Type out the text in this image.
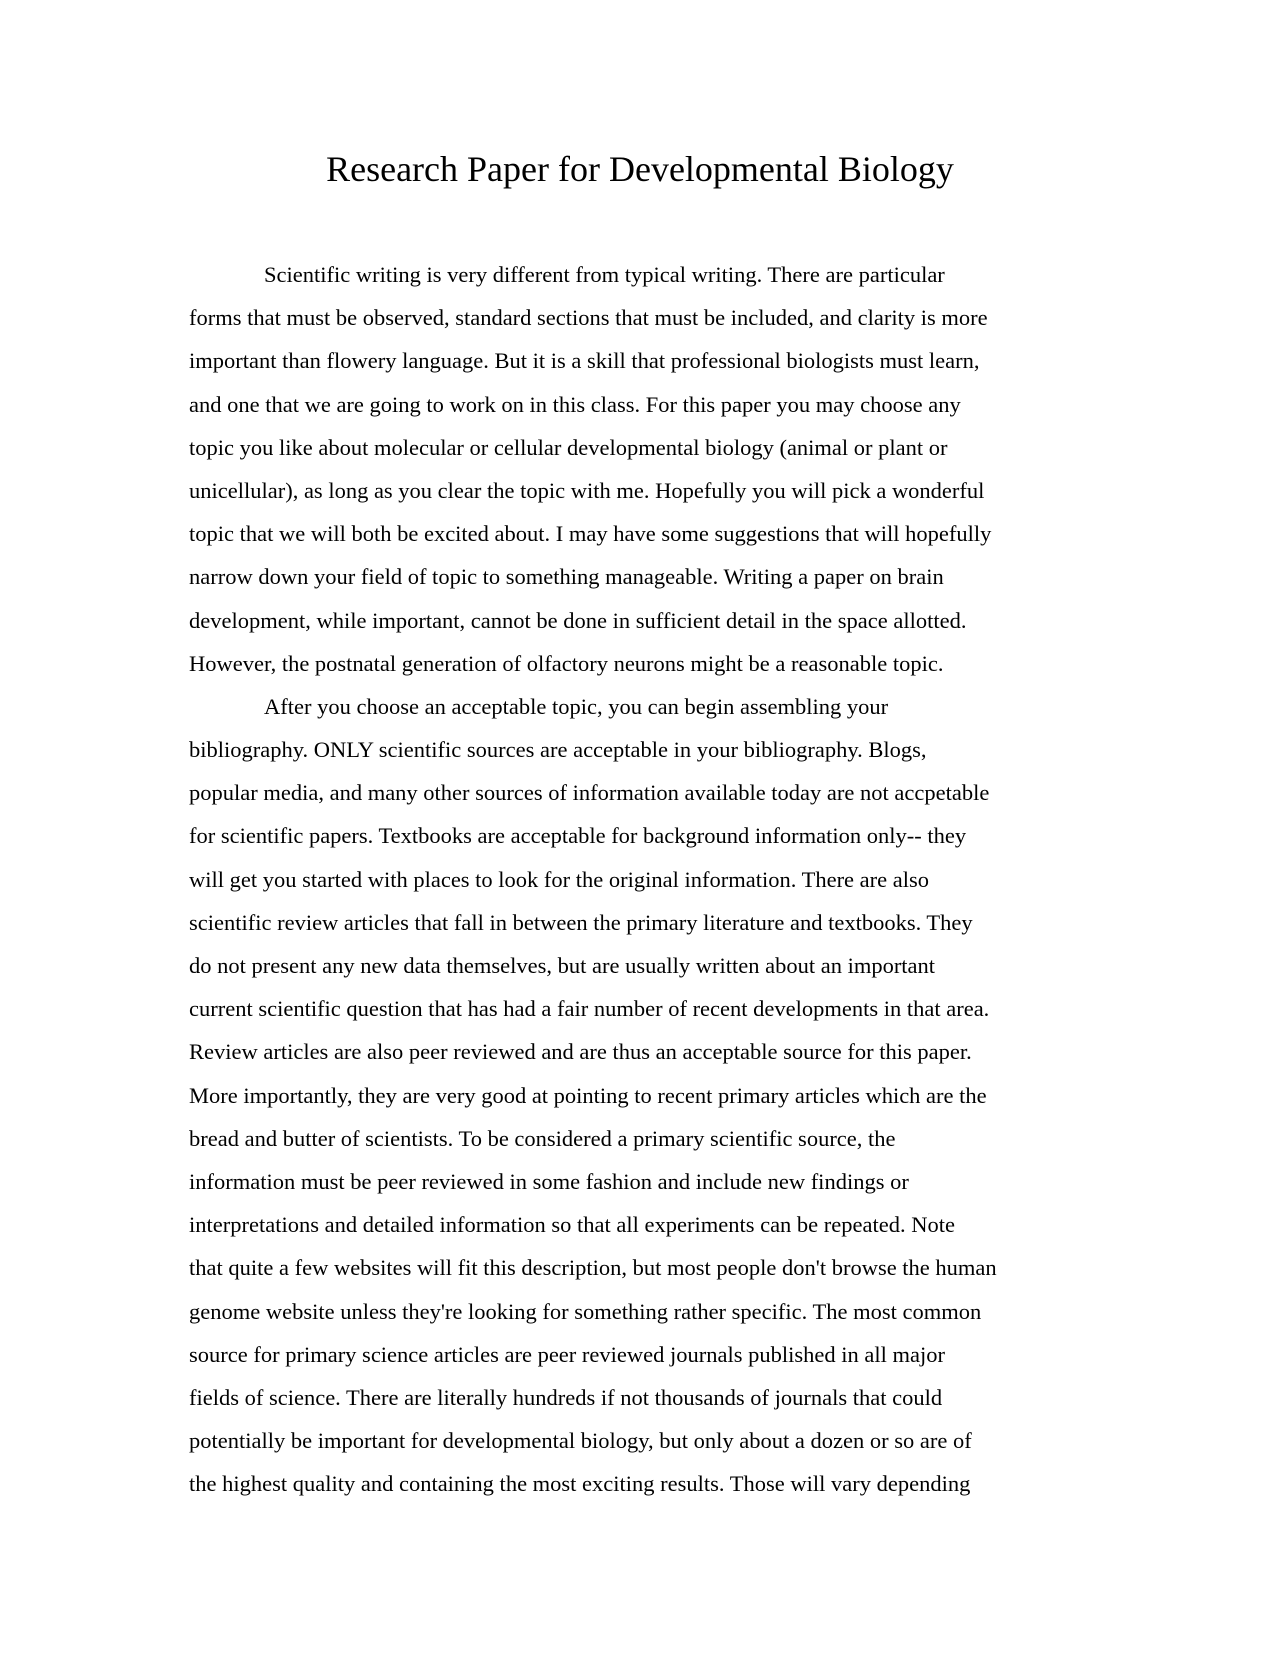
Research Paper for Developmental Biology
Scientific writing is very different from typical writing. There are particular
forms that must be observed, standard sections that must be included, and clarity is more
important than flowery language. But it is a skill that professional biologists must learn,
and one that we are going to work on in this class. For this paper you may choose any
topic you like about molecular or cellular developmental biology (animal or plant or
unicellular), as long as you clear the topic with me. Hopefully you will pick a wonderful
topic that we will both be excited about. I may have some suggestions that will hopefully
narrow down your field of topic to something manageable. Writing a paper on brain
development, while important, cannot be done in sufficient detail in the space allotted.
However, the postnatal generation of olfactory neurons might be a reasonable topic.
After you choose an acceptable topic, you can begin assembling your
bibliography. ONLY scientific sources are acceptable in your bibliography. Blogs,
popular media, and many other sources of information available today are not accpetable
for scientific papers. Textbooks are acceptable for background information only-- they
will get you started with places to look for the original information. There are also
scientific review articles that fall in between the primary literature and textbooks. They
do not present any new data themselves, but are usually written about an important
current scientific question that has had a fair number of recent developments in that area.
Review articles are also peer reviewed and are thus an acceptable source for this paper.
More importantly, they are very good at pointing to recent primary articles which are the
bread and butter of scientists. To be considered a primary scientific source, the
information must be peer reviewed in some fashion and include new findings or
interpretations and detailed information so that all experiments can be repeated. Note
that quite a few websites will fit this description, but most people don't browse the human
genome website unless they're looking for something rather specific. The most common
source for primary science articles are peer reviewed journals published in all major
fields of science. There are literally hundreds if not thousands of journals that could
potentially be important for developmental biology, but only about a dozen or so are of
the highest quality and containing the most exciting results. Those will vary depending
